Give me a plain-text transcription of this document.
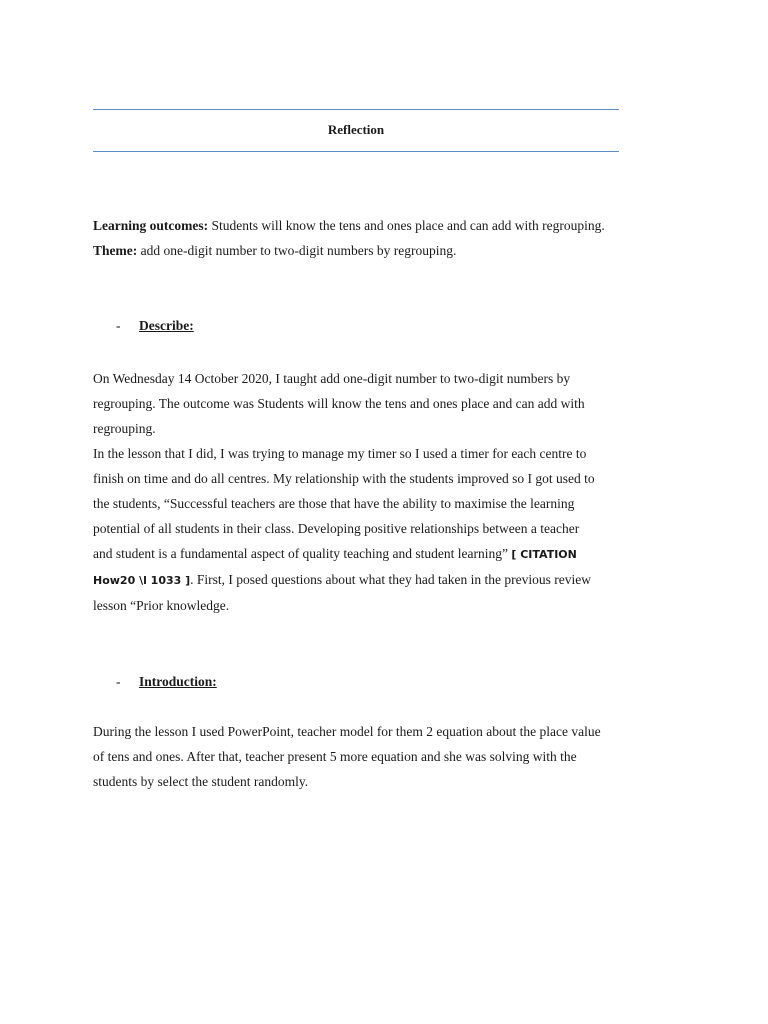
Reflection
Learning outcomes: Students will know the tens and ones place and can add with regrouping.
Theme: add one-digit number to two-digit numbers by regrouping.
- Describe:
On Wednesday 14 October 2020, I taught add one-digit number to two-digit numbers by
regrouping. The outcome was Students will know the tens and ones place and can add with
regrouping.
In the lesson that I did, I was trying to manage my timer so I used a timer for each centre to
finish on time and do all centres. My relationship with the students improved so I got used to
the students, “Successful teachers are those that have the ability to maximise the learning
potential of all students in their class. Developing positive relationships between a teacher
and student is a fundamental aspect of quality teaching and student learning” [ CITATION
How20 \l 1033 ]. First, I posed questions about what they had taken in the previous review
lesson “Prior knowledge.
- Introduction:
During the lesson I used PowerPoint, teacher model for them 2 equation about the place value
of tens and ones. After that, teacher present 5 more equation and she was solving with the
students by select the student randomly.
